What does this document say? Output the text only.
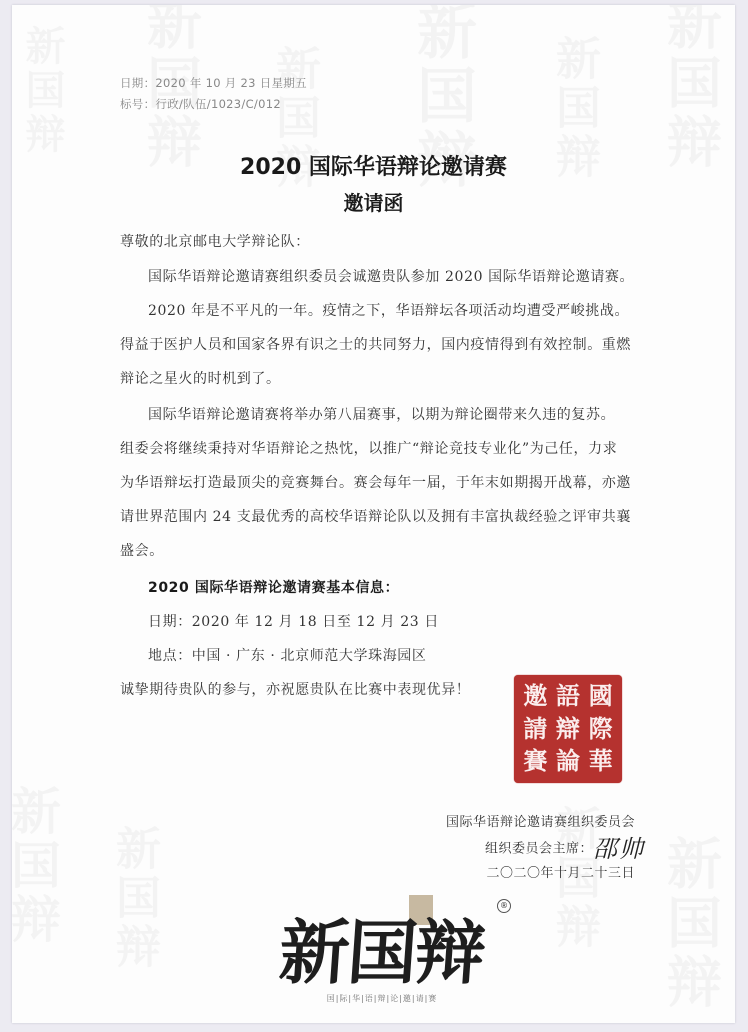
日期：2020 年 10 月 23 日星期五
标号：行政/队伍/1023/C/012
2020 国际华语辩论邀请赛
邀请函
尊敬的北京邮电大学辩论队：
国际华语辩论邀请赛组织委员会诚邀贵队参加 2020 国际华语辩论邀请赛。
2020 年是不平凡的一年。疫情之下，华语辩坛各项活动均遭受严峻挑战。
得益于医护人员和国家各界有识之士的共同努力，国内疫情得到有效控制。重燃
辩论之星火的时机到了。
国际华语辩论邀请赛将举办第八届赛事，以期为辩论圈带来久违的复苏。
组委会将继续秉持对华语辩论之热忱，以推广“辩论竞技专业化”为己任，力求
为华语辩坛打造最顶尖的竞赛舞台。赛会每年一届，于年末如期揭开战幕，亦邀
请世界范围内 24 支最优秀的高校华语辩论队以及拥有丰富执裁经验之评审共襄
盛会。
2020 国际华语辩论邀请赛基本信息：
日期：2020 年 12 月 18 日至 12 月 23 日
地点：中国 · 广东 · 北京师范大学珠海园区
诚挚期待贵队的参与，亦祝愿贵队在比赛中表现优异！	國
際
華
語
辯
論
邀
請
賽
国际华语辩论邀请赛组织委员会
组织委员会主席：邵帅
二〇二〇年十月二十三日
新国辩
®
国|际|华|语|辩|论|邀|请|赛
